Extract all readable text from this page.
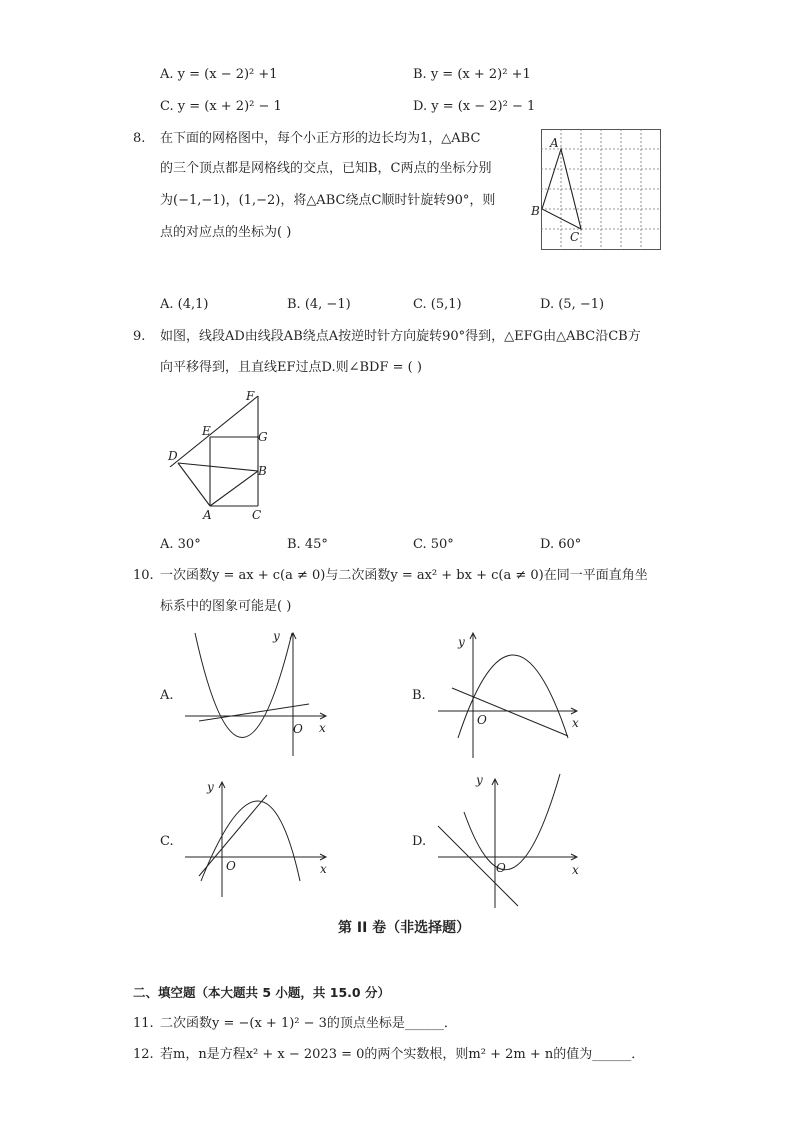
A. y = (x − 2)² +1	B. y = (x + 2)² +1
C. y = (x + 2)² − 1	D. y = (x − 2)² − 1
8. 在下面的网格图中，每个小正方形的边长均为1，△ABC
的三个顶点都是网格线的交点，已知B，C两点的坐标分别
为(−1,−1)，(1,−2)，将△ABC绕点C顺时针旋转90°，则
点的对应点的坐标为( )
A
B
C
A. (4,1)	B. (4, −1)	C. (5,1)	D. (5, −1)
9. 如图，线段AD由线段AB绕点A按逆时针方向旋转90°得到，△EFG由△ABC沿CB方
向平移得到，且直线EF过点D.则∠BDF = ( )
F
E	G
D
B
A	C
A. 30°	B. 45°	C. 50°	D. 60°
10. 一次函数y = ax + c(a ≠ 0)与二次函数y = ax² + bx + c(a ≠ 0)在同一平面直角坐
标系中的图象可能是( )
A.	B.
C.	D.
y
x
O
y
x
O
y
x
O
y
x
O
第 II 卷（非选择题）
二、填空题（本大题共 5 小题，共 15.0 分）
11. 二次函数y = −(x + 1)² − 3的顶点坐标是______．
12. 若m，n是方程x² + x − 2023 = 0的两个实数根，则m² + 2m + n的值为______．
